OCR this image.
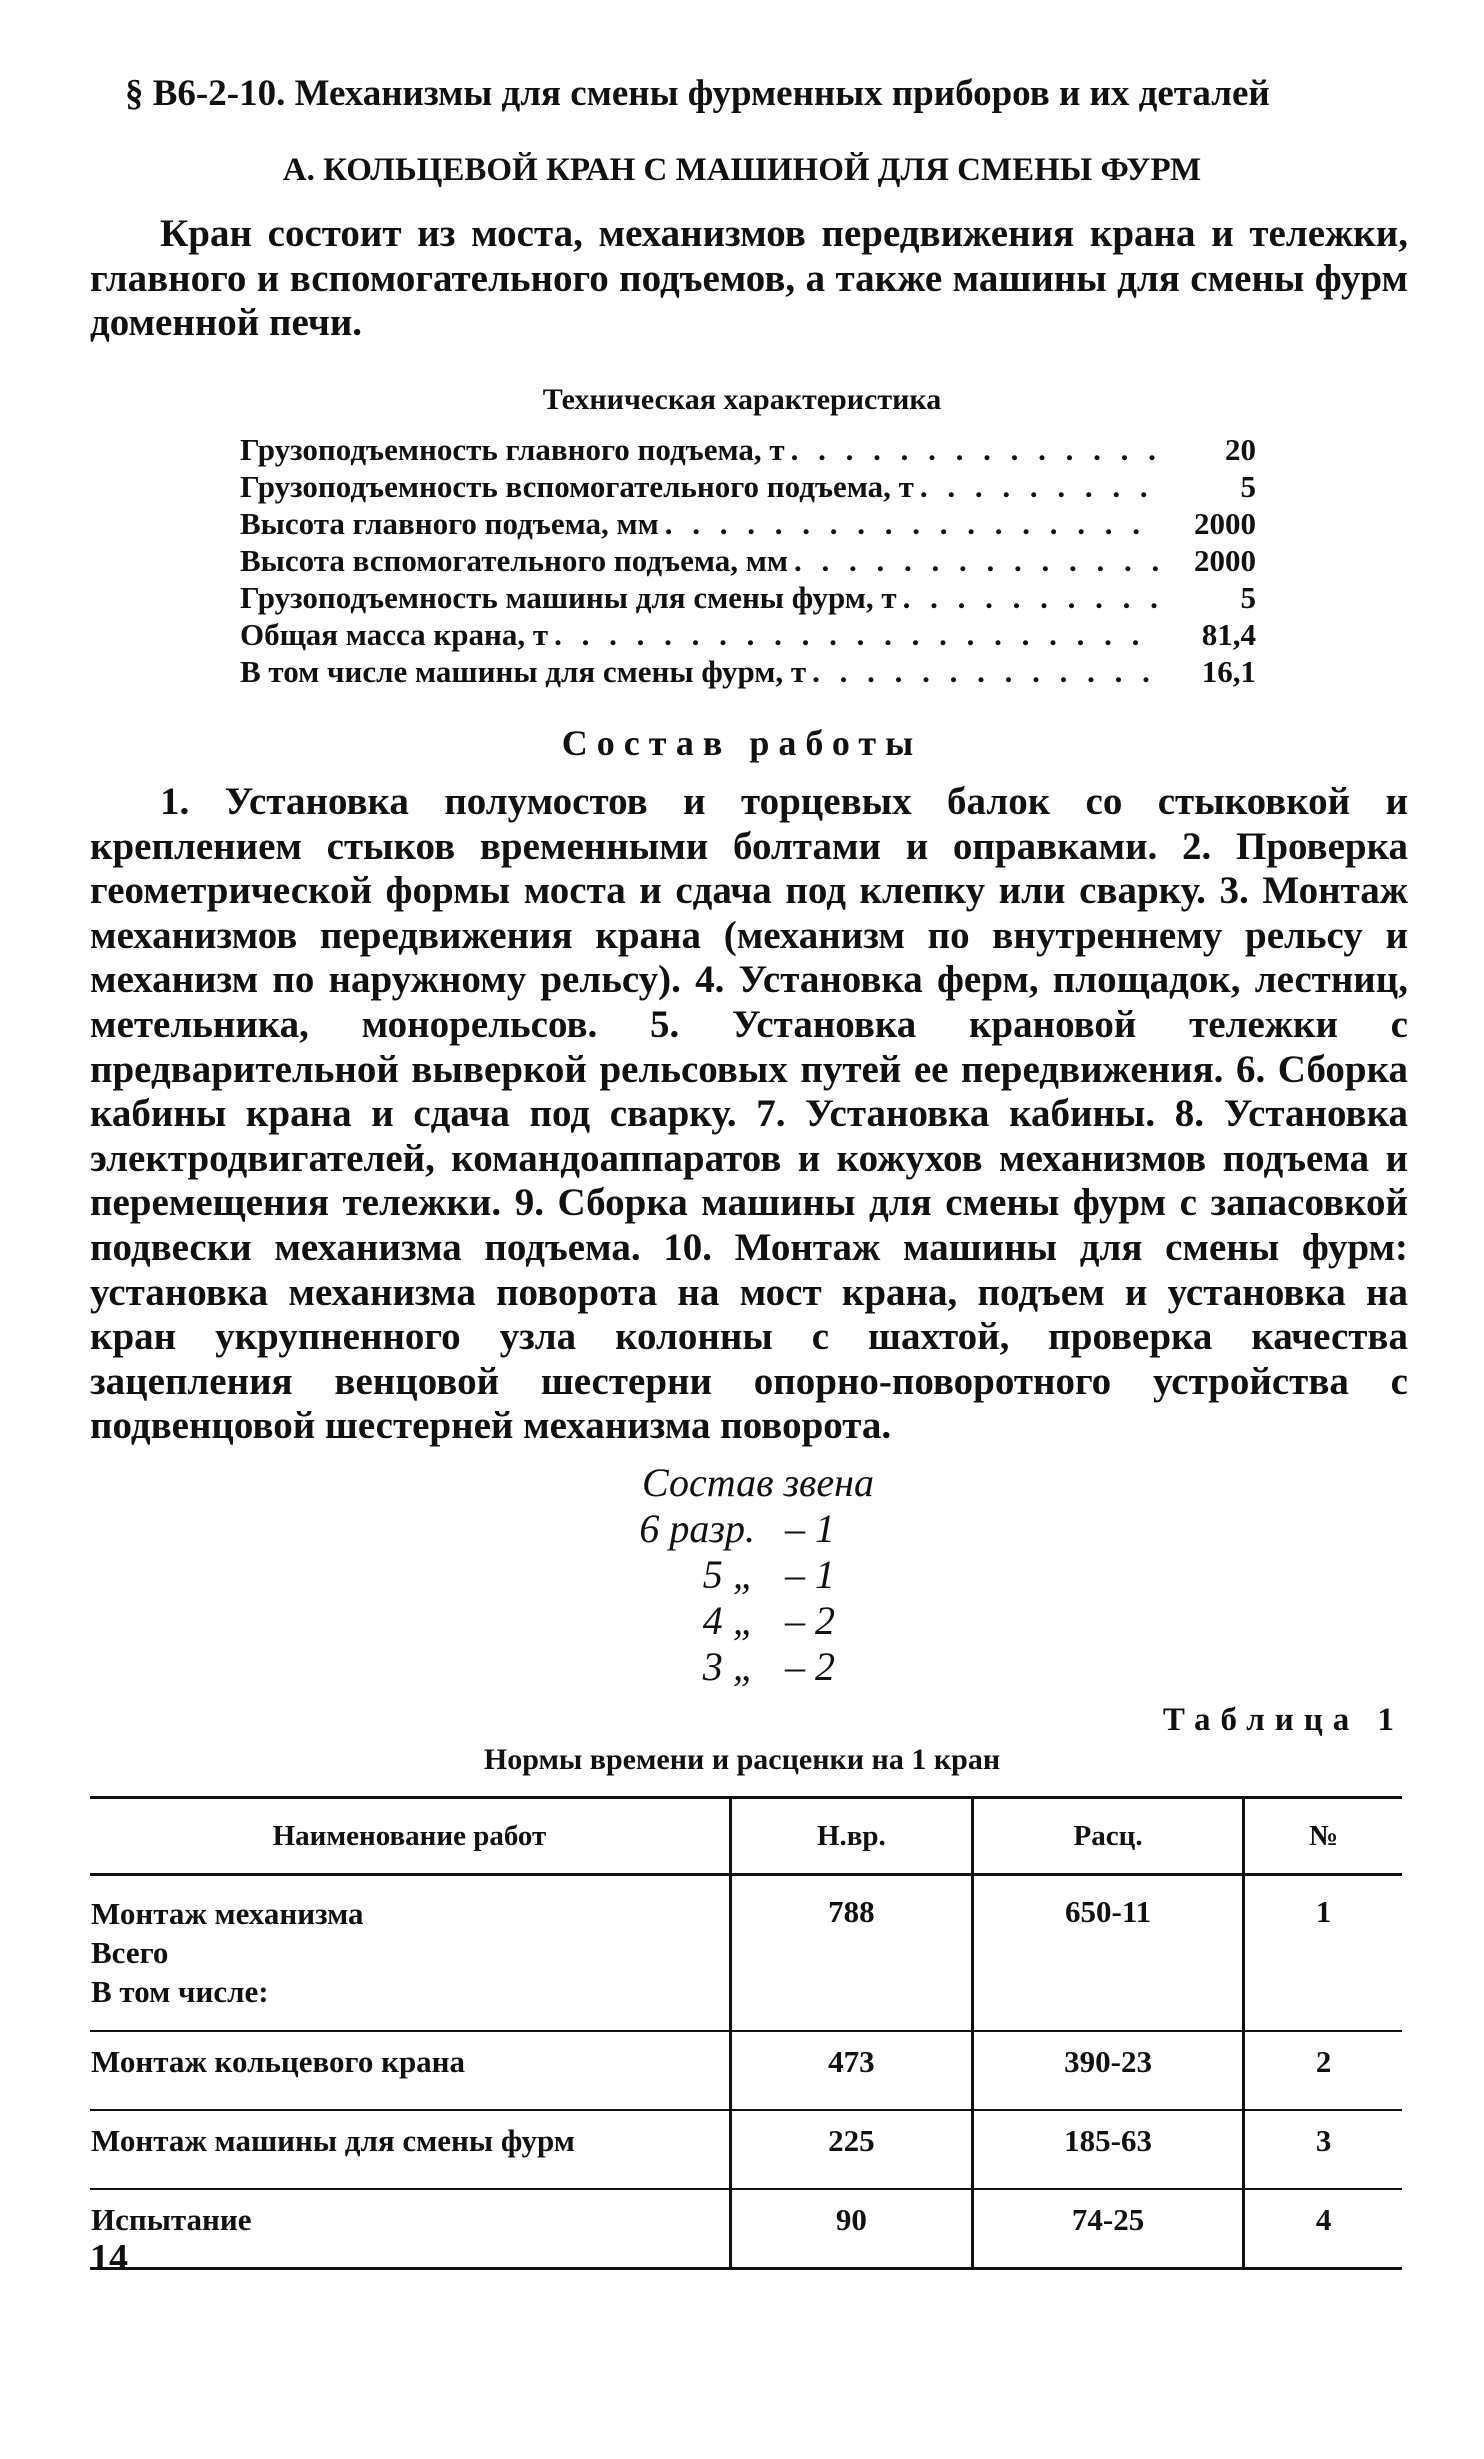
§ В6-2-10. Механизмы для смены фурменных приборов и их деталей
А. КОЛЬЦЕВОЙ КРАН С МАШИНОЙ ДЛЯ СМЕНЫ ФУРМ
Кран состоит из моста, механизмов передвижения крана и тележки, главного и вспомогательного подъемов, а также машины для смены фурм доменной печи.
Техническая характеристика
Грузоподъемность главного подъема, т . . .	20
Грузоподъемность вспомогательного подъема, т . . .	5
Высота главного подъема, мм . . .	2000
Высота вспомогательного подъема, мм . . .	2000
Грузоподъемность машины для смены фурм, т . . .	5
Общая масса крана, т . . .	81,4
В том числе машины для смены фурм, т . . .	16,1
Состав работы
1. Установка полумостов и торцевых балок со стыковкой и креплением стыков временными болтами и оправками. 2. Проверка геометрической формы моста и сдача под клепку или сварку. 3. Монтаж механизмов передвижения крана (механизм по внутреннему рельсу и механизм по наружному рельсу). 4. Установка ферм, площадок, лестниц, метельника, монорельсов. 5. Установка крановой тележки с предварительной выверкой рельсовых путей ее передвижения. 6. Сборка кабины крана и сдача под сварку. 7. Установка кабины. 8. Установка электродвигателей, командоаппаратов и кожухов механизмов подъема и перемещения тележки. 9. Сборка машины для смены фурм с запасовкой подвески механизма подъема. 10. Монтаж машины для смены фурм: установка механизма поворота на мост крана, подъем и установка на кран укрупненного узла колонны с шахтой, проверка качества зацепления венцовой шестерни опорно-поворотного устройства с подвенцовой шестерней механизма поворота.
Состав звена
6 разр. – 1
5 „ – 1
4 „ – 2
3 „ – 2
Таблица 1
Нормы времени и расценки на 1 кран
Наименование работ	Н.вр.	Расц.	№

Монтаж механизма
Всего
В том числе:	788	650-11	1
Монтаж кольцевого крана	473	390-23	2
Монтаж машины для смены фурм	225	185-63	3
Испытание	90	74-25	4
14
